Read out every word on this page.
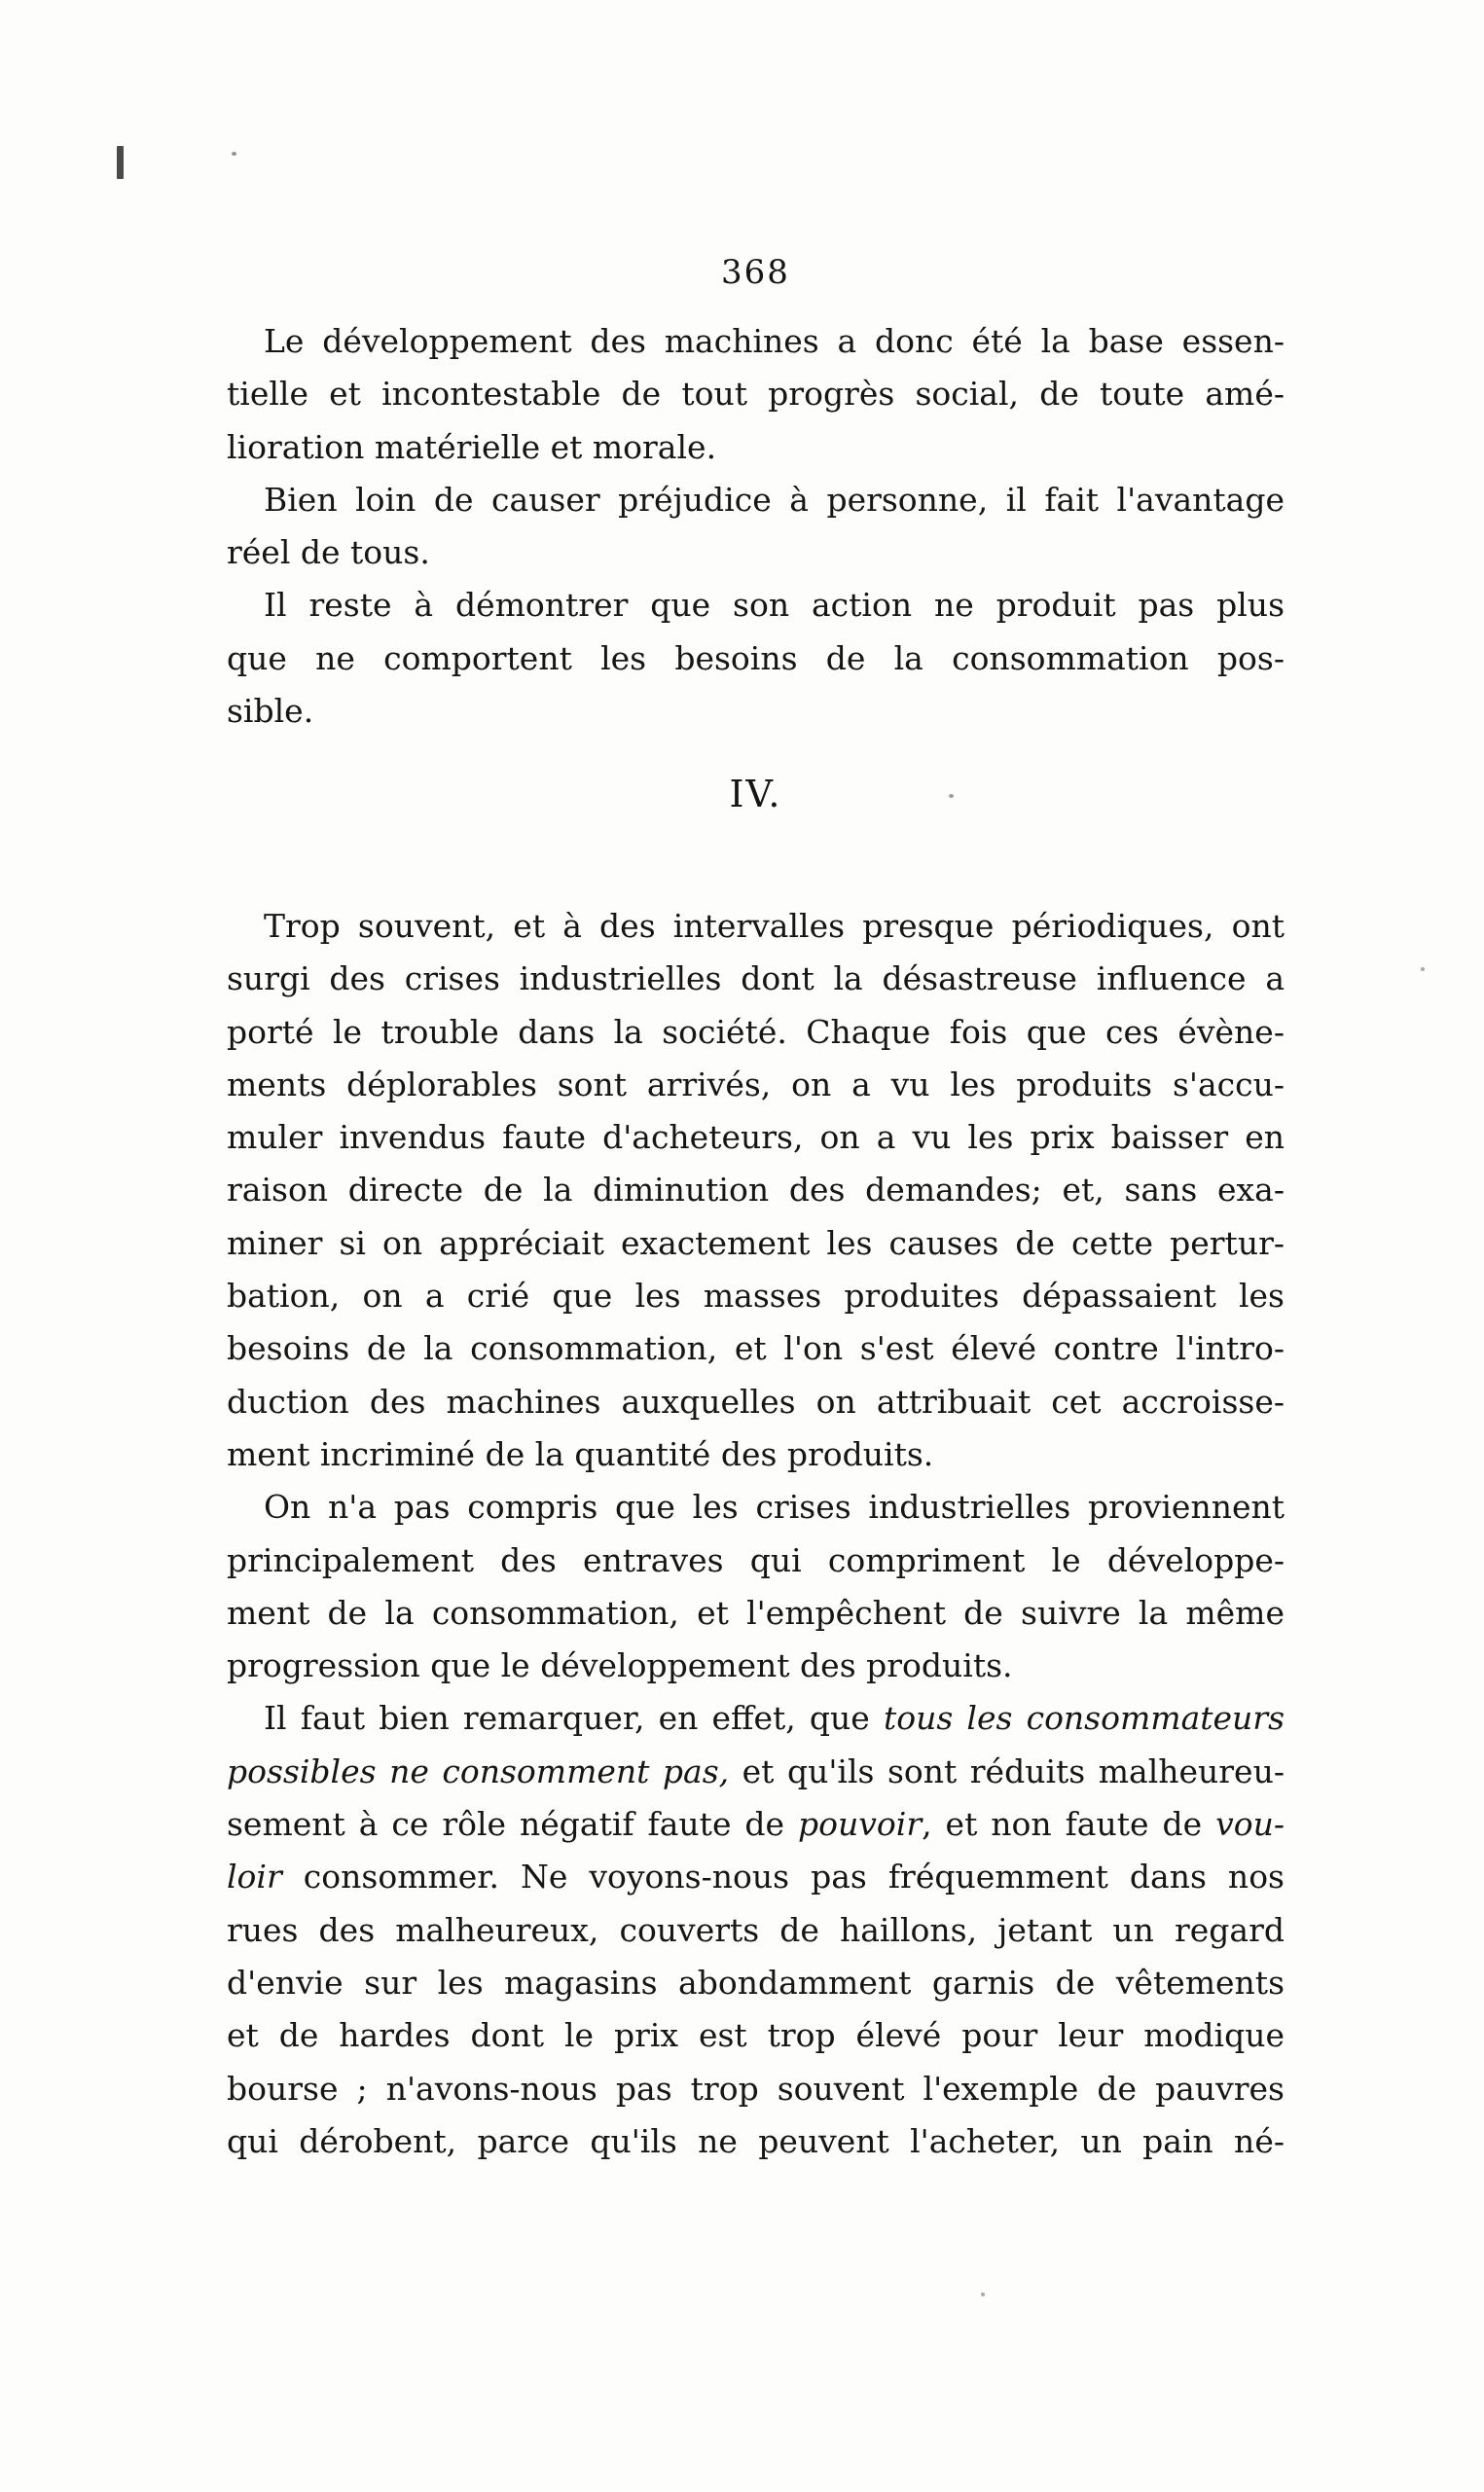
368
Le développement des machines a donc été la base essen-
tielle et incontestable de tout progrès social, de toute amé-
lioration matérielle et morale.
Bien loin de causer préjudice à personne, il fait l'avantage
réel de tous.
Il reste à démontrer que son action ne produit pas plus
que ne comportent les besoins de la consommation pos-
sible.
IV.
Trop souvent, et à des intervalles presque périodiques, ont
surgi des crises industrielles dont la désastreuse influence a
porté le trouble dans la société. Chaque fois que ces évène-
ments déplorables sont arrivés, on a vu les produits s'accu-
muler invendus faute d'acheteurs, on a vu les prix baisser en
raison directe de la diminution des demandes; et, sans exa-
miner si on appréciait exactement les causes de cette pertur-
bation, on a crié que les masses produites dépassaient les
besoins de la consommation, et l'on s'est élevé contre l'intro-
duction des machines auxquelles on attribuait cet accroisse-
ment incriminé de la quantité des produits.
On n'a pas compris que les crises industrielles proviennent
principalement des entraves qui compriment le développe-
ment de la consommation, et l'empêchent de suivre la même
progression que le développement des produits.
Il faut bien remarquer, en effet, que tous les consommateurs
possibles ne consomment pas, et qu'ils sont réduits malheureu-
sement à ce rôle négatif faute de pouvoir, et non faute de vou-
loir consommer. Ne voyons-nous pas fréquemment dans nos
rues des malheureux, couverts de haillons, jetant un regard
d'envie sur les magasins abondamment garnis de vêtements
et de hardes dont le prix est trop élevé pour leur modique
bourse ; n'avons-nous pas trop souvent l'exemple de pauvres
qui dérobent, parce qu'ils ne peuvent l'acheter, un pain né-
